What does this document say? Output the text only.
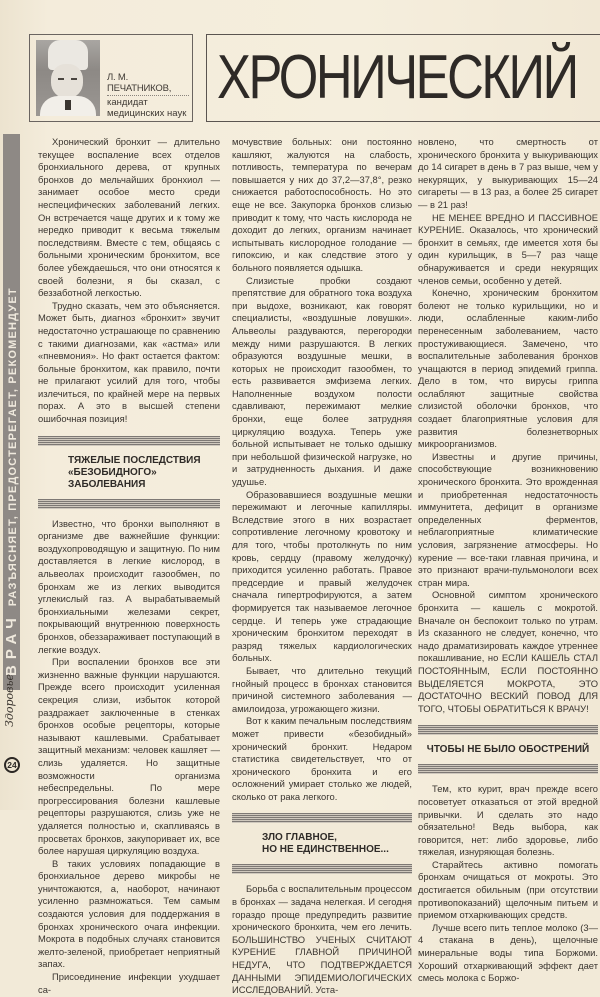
Л. М. ПЕЧАТНИКОВ,
кандидат
медицинских наук
ХРОНИЧЕСКИЙ
ВРАЧРАЗЪЯСНЯЕТ, ПРЕДОСТЕРЕГАЕТ, РЕКОМЕНДУЕТ
Здоровье
24

Хронический бронхит — длительно текущее воспаление всех отделов бронхиального дерева, от крупных бронхов до мельчайших бронхиол — занимает особое место среди неспецифических заболеваний легких. Он встречается чаще других и к тому же нередко приводит к весьма тяжелым последствиям. Вместе с тем, общаясь с больными хроническим бронхитом, все более убеждаешься, что они относятся к своей болезни, я бы сказал, с беззаботной легкостью.

Трудно сказать, чем это объясняется. Может быть, диагноз «бронхит» звучит недостаточно устрашающе по сравнению с такими диагнозами, как «астма» или «пневмония». Но факт остается фактом: больные бронхитом, как правило, почти не прилагают усилий для того, чтобы излечиться, по крайней мере на первых порах. А это в высшей степени ошибочная позиция!

ТЯЖЕЛЫЕ ПОСЛЕДСТВИЯ
«БЕЗОБИДНОГО» ЗАБОЛЕВАНИЯ

Известно, что бронхи выполняют в организме две важнейшие функции: воздухопроводящую и защитную. По ним доставляется в легкие кислород, в альвеолах происходит газообмен, по бронхам же из легких выводится углекислый газ. А вырабатываемый бронхиальными железами секрет, покрывающий внутреннюю поверхность бронхов, обеззараживает поступающий в легкие воздух.

При воспалении бронхов все эти жизненно важные функции нарушаются. Прежде всего происходит усиленная секреция слизи, избыток которой раздражает заключенные в стенках бронхов особые рецепторы, которые называют кашлевыми. Срабатывает защитный механизм: человек кашляет — слизь удаляется. Но защитные возможности организма небеспредельны. По мере прогрессирования болезни кашлевые рецепторы разрушаются, слизь уже не удаляется полностью и, скапливаясь в просветах бронхов, закупоривает их, все более нарушая циркуляцию воздуха.

В таких условиях попадающие в бронхиальное дерево микробы не уничтожаются, а, наоборот, начинают усиленно размножаться. Тем самым создаются условия для поддержания в бронхах хронического очага инфекции. Мокрота в подобных случаях становится желто-зеленой, приобретает неприятный запах.

Присоединение инфекции ухудшает са-

мочувствие больных: они постоянно кашляют, жалуются на слабость, потливость, температура по вечерам повышается у них до 37,2—37,8°, резко снижается работоспособность. Но это еще не все. Закупорка бронхов слизью приводит к тому, что часть кислорода не доходит до легких, организм начинает испытывать кислородное голодание — гипоксию, и как следствие этого у больного появляется одышка.

Слизистые пробки создают препятствие для обратного тока воздуха при выдохе, возникают, как говорят специалисты, «воздушные ловушки». Альвеолы раздуваются, перегородки между ними разрушаются. В легких образуются воздушные мешки, в которых не происходит газообмен, то есть развивается эмфизема легких. Наполненные воздухом полости сдавливают, пережимают мелкие бронхи, еще более затрудняя циркуляцию воздуха. Теперь уже больной испытывает не только одышку при небольшой физической нагрузке, но и затрудненность дыхания. И даже удушье.

Образовавшиеся воздушные мешки пережимают и легочные капилляры. Вследствие этого в них возрастает сопротивление легочному кровотоку и для того, чтобы протолкнуть по ним кровь, сердцу (правому желудочку) приходится усиленно работать. Правое предсердие и правый желудочек сначала гипертрофируются, а затем формируется так называемое легочное сердце. И теперь уже страдающие хроническим бронхитом переходят в разряд тяжелых кардиологических больных.

Бывает, что длительно текущий гнойный процесс в бронхах становится причиной системного заболевания — амилоидоза, угрожающего жизни.

Вот к каким печальным последствиям может привести «безобидный» хронический бронхит. Недаром статистика свидетельствует, что от хронического бронхита и его осложнений умирает столько же людей, сколько от рака легкого.

ЗЛО ГЛАВНОЕ,
НО НЕ ЕДИНСТВЕННОЕ...

Борьба с воспалительным процессом в бронхах — задача нелегкая. И сегодня гораздо проще предупредить развитие хронического бронхита, чем его лечить. БОЛЬШИНСТВО УЧЕНЫХ СЧИТАЮТ КУРЕНИЕ ГЛАВНОЙ ПРИЧИНОЙ НЕДУГА, ЧТО ПОДТВЕРЖДАЕТСЯ ДАННЫМИ ЭПИДЕМИОЛОГИЧЕСКИХ ИССЛЕДОВАНИЙ. Уста-

новлено, что смертность от хронического бронхита у выкуривающих до 14 сигарет в день в 7 раз выше, чем у некурящих, у выкуривающих 15—24 сигареты — в 13 раз, а более 25 сигарет — в 21 раз!

НЕ МЕНЕЕ ВРЕДНО И ПАССИВНОЕ КУРЕНИЕ. Оказалось, что хронический бронхит в семьях, где имеется хотя бы один курильщик, в 5—7 раз чаще обнаруживается и среди некурящих членов семьи, особенно у детей.

Конечно, хроническим бронхитом болеют не только курильщики, но и люди, ослабленные каким-либо перенесенным заболеванием, часто простуживающиеся. Замечено, что воспалительные заболевания бронхов учащаются в период эпидемий гриппа. Дело в том, что вирусы гриппа ослабляют защитные свойства слизистой оболочки бронхов, что создает благоприятные условия для развития болезнетворных микроорганизмов.

Известны и другие причины, способствующие возникновению хронического бронхита. Это врожденная и приобретенная недостаточность иммунитета, дефицит в организме определенных ферментов, неблагоприятные климатические условия, загрязнение атмосферы. Но курение — все-таки главная причина, и это признают врачи-пульмонологи всех стран мира.

Основной симптом хронического бронхита — кашель с мокротой. Вначале он беспокоит только по утрам. Из сказанного не следует, конечно, что надо драматизировать каждое утреннее покашливание, но ЕСЛИ КАШЕЛЬ СТАЛ ПОСТОЯННЫМ, ЕСЛИ ПОСТОЯННО ВЫДЕЛЯЕТСЯ МОКРОТА, ЭТО ДОСТАТОЧНО ВЕСКИЙ ПОВОД ДЛЯ ТОГО, ЧТОБЫ ОБРАТИТЬСЯ К ВРАЧУ!

ЧТОБЫ НЕ БЫЛО ОБОСТРЕНИЙ

Тем, кто курит, врач прежде всего посоветует отказаться от этой вредной привычки. И сделать это надо обязательно! Ведь выбора, как говорится, нет: либо здоровье, либо тяжелая, изнуряющая болезнь.

Старайтесь активно помогать бронхам очищаться от мокроты. Это достигается обильным (при отсутствии противопоказаний) щелочным питьем и приемом отхаркивающих средств.

Лучше всего пить теплое молоко (3—4 стакана в день), щелочные минеральные воды типа Боржоми. Хороший отхаркивающий эффект дает смесь молока с Боржо-
